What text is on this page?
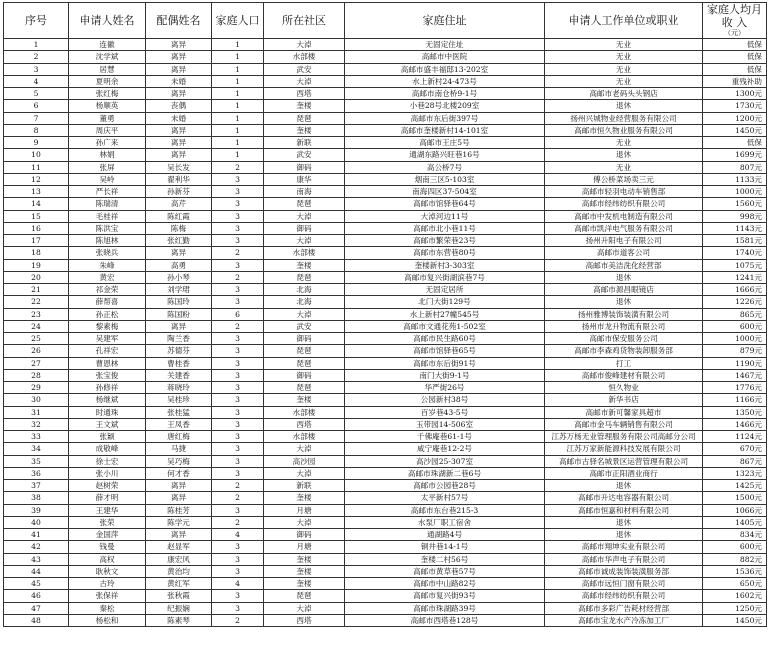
序号	申请人姓名	配偶姓名	家庭人口	所在社区	家庭住址	申请人工作单位或职业	家庭人均月 收 入
（元）

1	连徽	离异	1	大淖	无固定住址	无业	低保
2	沈学斌	离异	1	水部楼	高邮市中医院	无业	低保
3	居慧	离异	1	武安	高邮市盛丰福邸13-202室	无业	低保
4	夏明余	未婚	1	大淖	水上新村24-473号	无业	重残补助
5	张红梅	离异	1	西塔	高邮市南仓桥9-1号	高邮市老码头头钢店	1300元
6	杨顺英	丧偶	1	奎楼	小巷28号北楼209室	退休	1730元
7	董勇	未婚	1	琵琶	高邮市东后街397号	扬州兴城物业经营服务有限公司	1200元
8	周庆平	离异	1	奎楼	高邮市奎楼新村14-101室	高邮市恒久物业服务有限公司	1450元
9	孙广来	离异	1	新联	高邮市王庄5号	无业	低保
10	林娟	离异	1	武安	通湖东路兴旺巷16号	退休	1699元
11	张屏	吴长发	2	御码	高公桥7号	无业	807元
12	吴岭	翟利华	3	康华	烟南三区5-103室	傅公桥菜场卖三元	1133元
13	严长祥	孙新芬	3	南海	南海四区37-504室	高邮市轻羽电动车销售部	1000元
14	陈瑞清	高芹	3	琵琶	高邮市馆驿巷64号	高邮市经纬纺织有限公司	1560元
15	毛桂祥	陈红霞	3	大淖	大淖河边11号	高邮市中发机电制造有限公司	998元
16	陈洪宝	陈梅	3	御码	高邮市北小巷11号	高邮市凯洋电气服务有限公司	1143元
17	陈旭林	张红勤	3	大淖	高邮市繁荣巷23号	扬州升阳电子有限公司	1581元
18	张晓兵	离异	2	水部楼	高邮市东营巷80号	高邮市道客公司	1740元
19	朱峰	高勇	3	奎楼	奎楼新村3-303室	高邮市美洁洗化经营部	1075元
20	黄宏	孙小琴	2	琵琶	高邮市复兴街湖滨巷7号	退休	1241元
21	祁金荣	刘学珺	3	北海	无固定居所	高邮市源昌眼镜店	1666元
22	薛帮喜	陈国玲	3	北海	北门大街129号	退休	1226元
23	孙正松	陈国粉	6	大淖	水上新村27幢545号	扬州雅博装饰装潢有限公司	865元
24	黎素梅	离异	2	武安	高邮市文通花苑1-502室	扬州市龙升物流有限公司	600元
25	吴建军	陶兰香	3	御码	高邮市民生路60号	高邮市保安服务公司	1000元
26	孔祥宏	苏德芬	3	琵琶	高邮市馆驿巷65号	高邮市李森鸡货物装卸服务部	879元
27	曹恩林	曹桂香	3	琵琶	高邮市东后街91号	打工	1190元
28	张宝俊	关建香	3	御码	南门大街9-1号	高邮市俊峰建材有限公司	1467元
29	孙修祥	蒋晓玲	3	琵琶	华严街26号	恒久物业	1776元
30	杨继斌	吴桂珍	3	奎楼	公园新村38号	新华书店	1166元
31	时通珠	张桂猛	3	水部楼	百岁巷43-5号	高邮市新可馨家具超市	1350元
32	王文斌	王凤香	3	西塔	玉带园14-506室	高邮市金马车辆销售有限公司	1466元
33	张颖	唐红梅	3	水部楼	千佛庵巷61-1号	江苏万杨无业管理服务有限公司高邮分公司	1124元
34	成敬峰	马捷	3	大淖	咸宁庵巷12-2号	江苏万家新能源科技发展有限公司	670元
35	徐士宏	吴巧梅	3	高沙园	高沙园25-307室	高邮市古驿名城景区运营管理有限公司	867元
36	张小川	何才香	3	大淖	高邮市珠湖新二巷6号	高邮市正阳酒业商行	1323元
37	赵树荣	离异	2	新联	高邮市公园巷28号	退休	1425元
38	薛才明	离异	2	奎楼	太平新村57号	高邮市升达电容器有限公司	1500元
39	王建华	陈桂芳	3	月塘	高邮市东台巷215-3	高邮市恒嘉和材料有限公司	1066元
40	张荣	陈学元	2	大淖	水泵厂职工宿舍	退休	1405元
41	金国萍	离异	4	御码	通湖路4号	退休	834元
42	钱曼	赵显军	3	月塘	铜井巷14-1号	高邮市翔坤实业有限公司	600元
43	高权	康宏风	3	奎楼	奎楼二村56号	高邮市华声电子有限公司	882元
44	耿秋文	黄治均	3	奎楼	高邮市黄草巷57号	高邮市诚成装饰装潢服务部	1536元
45	古玲	黄红军	4	奎楼	高邮市中山路82号	高邮市远恒门窗有限公司	650元
46	张保祥	张秋霞	3	琵琶	高邮市复兴街93号	高邮市经纬纺织有限公司	1602元
47	秦松	纪振娴	3	大淖	高邮市珠湖路39号	高邮市多彩广告耗材经营部	1250元
48	杨松和	陈素琴	2	西塔	高邮市西塔巷128号	高邮市宝龙水产冷冻加工厂	1450元
